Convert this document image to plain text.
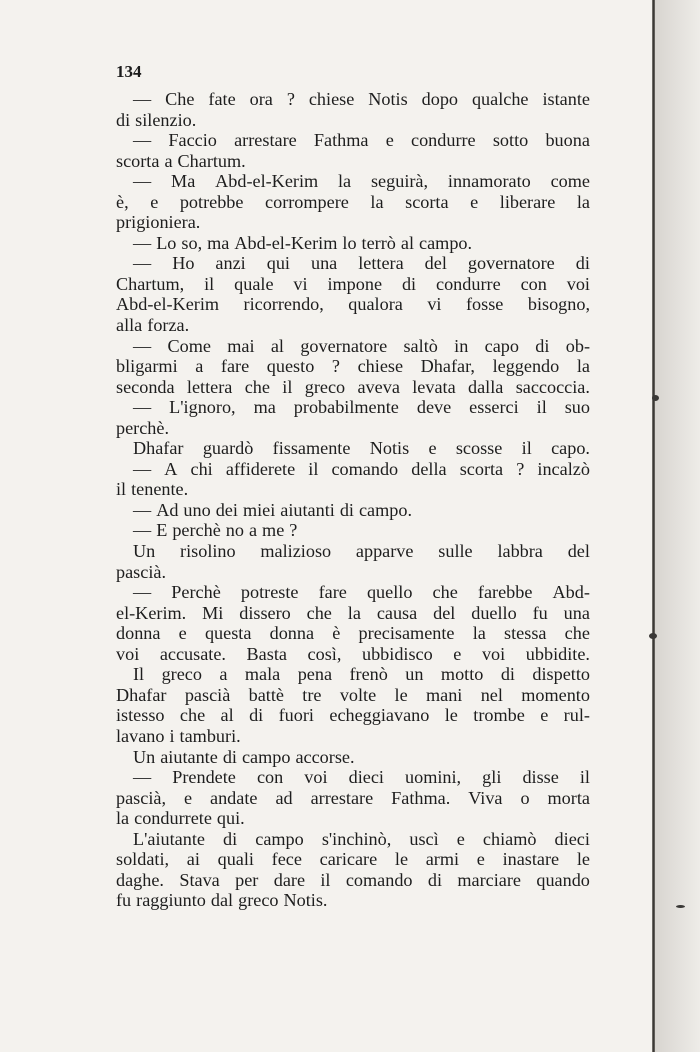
134
— Che fate ora ? chiese Notis dopo qualche istante
di silenzio.
— Faccio arrestare Fathma e condurre sotto buona
scorta a Chartum.
— Ma Abd-el-Kerim la seguirà, innamorato come
è, e potrebbe corrompere la scorta e liberare la
prigioniera.
— Lo so, ma Abd-el-Kerim lo terrò al campo.
— Ho anzi qui una lettera del governatore di
Chartum, il quale vi impone di condurre con voi
Abd-el-Kerim ricorrendo, qualora vi fosse bisogno,
alla forza.
— Come mai al governatore saltò in capo di ob-
bligarmi a fare questo ? chiese Dhafar, leggendo la
seconda lettera che il greco aveva levata dalla saccoccia.
— L'ignoro, ma probabilmente deve esserci il suo
perchè.
Dhafar guardò fissamente Notis e scosse il capo.
— A chi affiderete il comando della scorta ? incalzò
il tenente.
— Ad uno dei miei aiutanti di campo.
— E perchè no a me ?
Un risolino malizioso apparve sulle labbra del
pascià.
— Perchè potreste fare quello che farebbe Abd-
el-Kerim. Mi dissero che la causa del duello fu una
donna e questa donna è precisamente la stessa che
voi accusate. Basta così, ubbidisco e voi ubbidite.
Il greco a mala pena frenò un motto di dispetto
Dhafar pascià battè tre volte le mani nel momento
istesso che al di fuori echeggiavano le trombe e rul-
lavano i tamburi.
Un aiutante di campo accorse.
— Prendete con voi dieci uomini, gli disse il
pascià, e andate ad arrestare Fathma. Viva o morta
la condurrete qui.
L'aiutante di campo s'inchinò, uscì e chiamò dieci
soldati, ai quali fece caricare le armi e inastare le
daghe. Stava per dare il comando di marciare quando
fu raggiunto dal greco Notis.
